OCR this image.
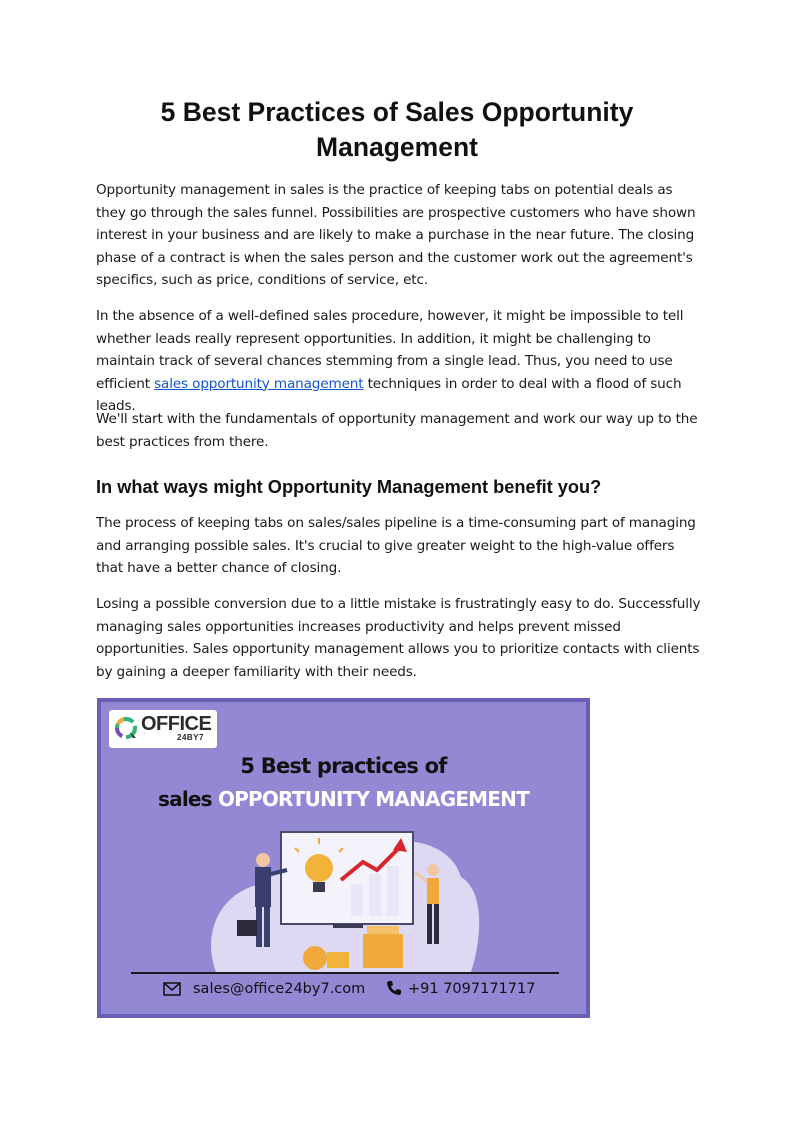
5 Best Practices of Sales Opportunity
Management

Opportunity management in sales is the practice of keeping tabs on potential deals as they go through the sales funnel. Possibilities are prospective customers who have shown interest in your business and are likely to make a purchase in the near future. The closing phase of a contract is when the sales person and the customer work out the agreement's specifics, such as price, conditions of service, etc.

In the absence of a well-defined sales procedure, however, it might be impossible to tell whether leads really represent opportunities. In addition, it might be challenging to maintain track of several chances stemming from a single lead. Thus, you need to use efficient sales opportunity management techniques in order to deal with a flood of such leads.

We'll start with the fundamentals of opportunity management and work our way up to the best practices from there.

In what ways might Opportunity Management benefit you?

The process of keeping tabs on sales/sales pipeline is a time-consuming part of managing and arranging possible sales. It's crucial to give greater weight to the high-value offers that have a better chance of closing.

Losing a possible conversion due to a little mistake is frustratingly easy to do. Successfully managing sales opportunities increases productivity and helps prevent missed opportunities. Sales opportunity management allows you to prioritize contacts with clients by gaining a deeper familiarity with their needs.

OFFICE
24BY7
5 Best practices of
sales OPPORTUNITY MANAGEMENT
sales@office24by7.com	+91 7097171717
